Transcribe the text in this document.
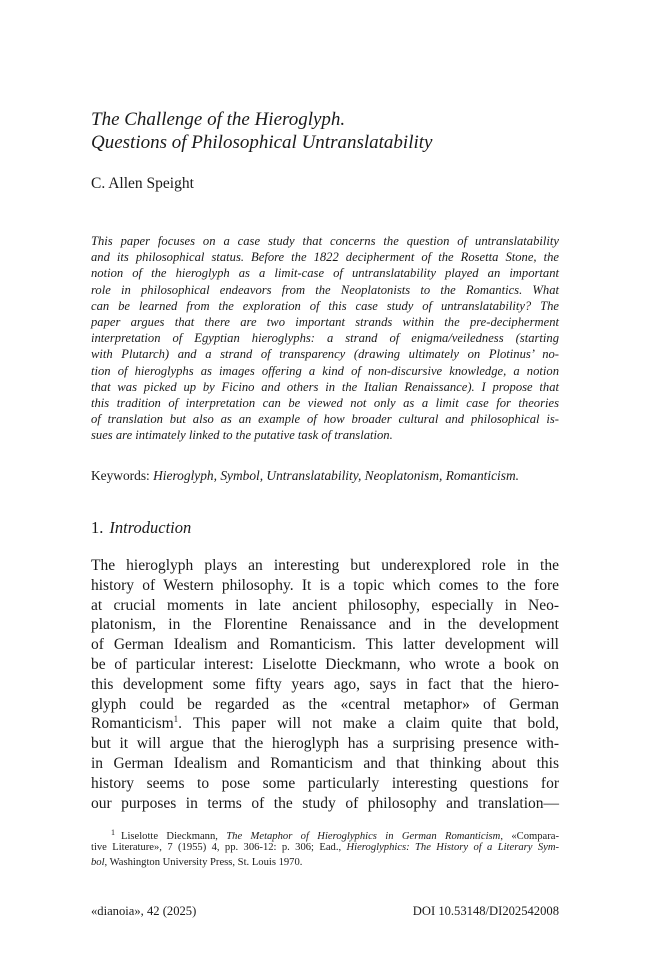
The Challenge of the Hieroglyph.
Questions of Philosophical Untranslatability
C. Allen Speight
This paper focuses on a case study that concerns the question of untranslatability
and its philosophical status. Before the 1822 decipherment of the Rosetta Stone, the
notion of the hieroglyph as a limit-case of untranslatability played an important
role in philosophical endeavors from the Neoplatonists to the Romantics. What
can be learned from the exploration of this case study of untranslatability? The
paper argues that there are two important strands within the pre-decipherment
interpretation of Egyptian hieroglyphs: a strand of enigma/veiledness (starting
with Plutarch) and a strand of transparency (drawing ultimately on Plotinus’ no-
tion of hieroglyphs as images offering a kind of non-discursive knowledge, a notion
that was picked up by Ficino and others in the Italian Renaissance). I propose that
this tradition of interpretation can be viewed not only as a limit case for theories
of translation but also as an example of how broader cultural and philosophical is-
sues are intimately linked to the putative task of translation.
Keywords: Hieroglyph, Symbol, Untranslatability, Neoplatonism, Romanticism.
1. Introduction
The hieroglyph plays an interesting but underexplored role in the
history of Western philosophy. It is a topic which comes to the fore
at crucial moments in late ancient philosophy, especially in Neo-
platonism, in the Florentine Renaissance and in the development
of German Idealism and Romanticism. This latter development will
be of particular interest: Liselotte Dieckmann, who wrote a book on
this development some fifty years ago, says in fact that the hiero-
glyph could be regarded as the «central metaphor» of German
Romanticism$^1$. This paper will not make a claim quite that bold,
but it will argue that the hieroglyph has a surprising presence with-
in German Idealism and Romanticism and that thinking about this
history seems to pose some particularly interesting questions for
our purposes in terms of the study of philosophy and translation—
$^1$ Liselotte Dieckmann, The Metaphor of Hieroglyphics in German Romanticism, «Compara-
tive Literature», 7 (1955) 4, pp. 306-12: p. 306; Ead., Hieroglyphics: The History of a Literary Sym-
bol, Washington University Press, St. Louis 1970.
«dianoia», 42 (2025)	DOI 10.53148/DI202542008
